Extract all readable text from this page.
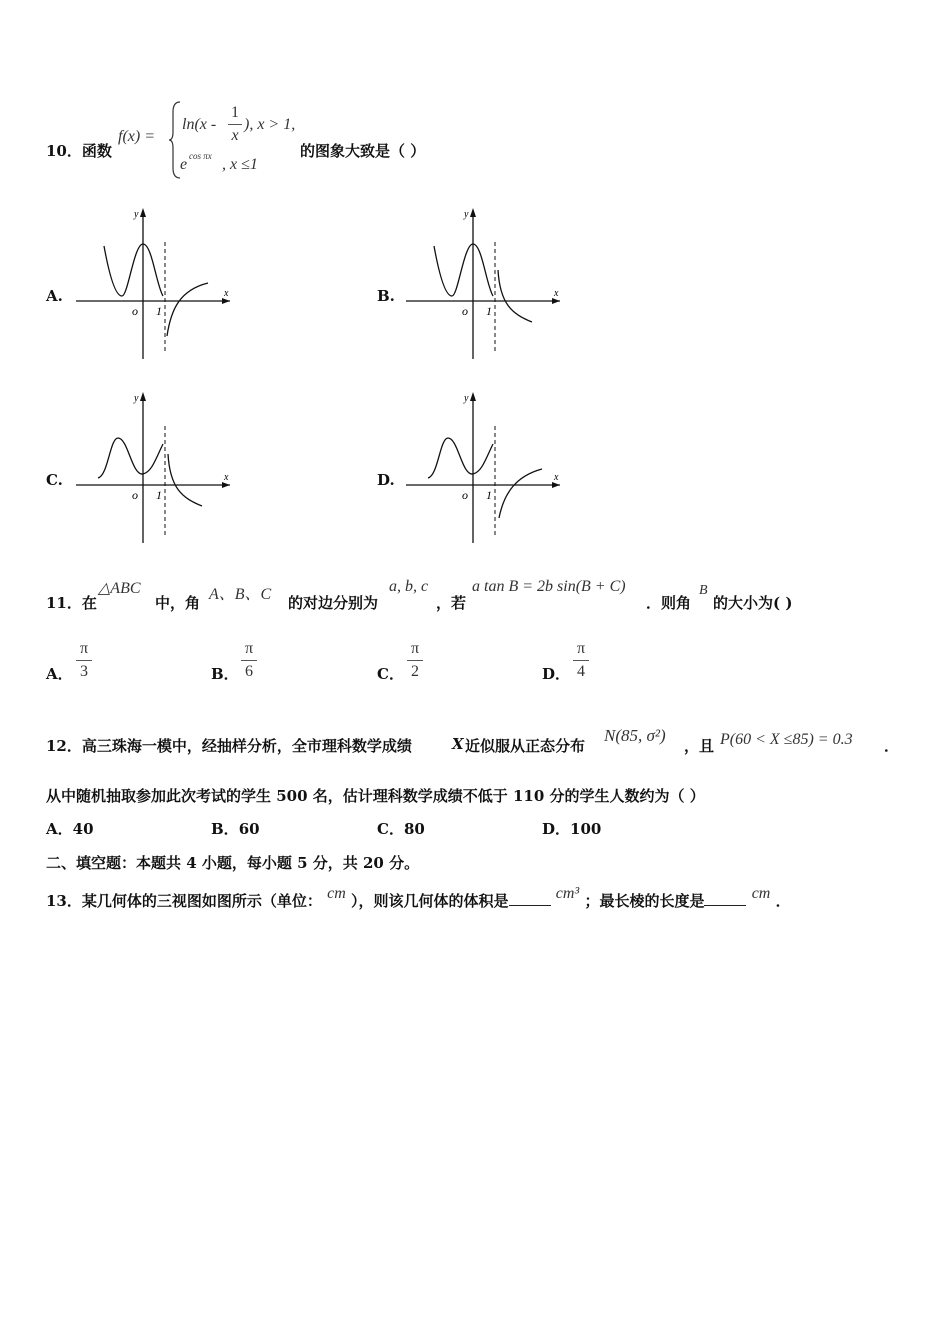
10．函数
f(x) =
ln(x -
1
x
), x > 1,
e cos πx , x ≤1
的图象大致是（ ）
A.	x
y
o 1
B.	x
y
o 1
C.	x
y
o 1
D.	x
y
o 1
11．在
△ABC
中，角 A、B、C 的对边分别为
a, b, c
，若
a tan B = 2b sin(B + C)
．则角
B
的大小为( )
A．
π
3	B．
π
6	C．
π
2	D．
π
4
12．高三珠海一模中，经抽样分析，全市理科数学成绩	X 近似服从正态分布
N(85, σ²)
，且 P(60 < X ≤85) = 0.3 ．
从中随机抽取参加此次考试的学生 500 名，估计理科数学成绩不低于 110 分的学生人数约为（ ）
A．40	B．60	C．80	D．100
二、填空题：本题共 4 小题，每小题 5 分，共 20 分。
13．某几何体的三视图如图所示（单位： cm ），则该几何体的体积是	cm³ ；最长棱的长度是	cm ．
